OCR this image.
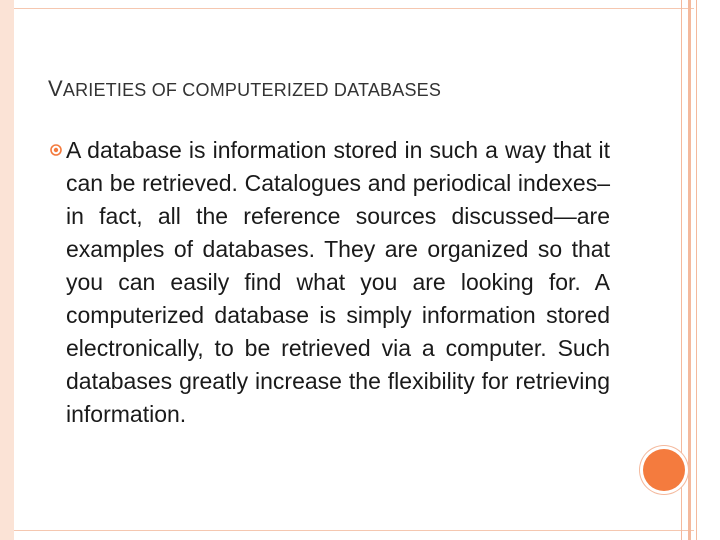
VARIETIES OF COMPUTERIZED DATABASES

A database is information stored in such a way that it can be retrieved. Catalogues and periodical indexes– in fact, all the reference sources discussed—are examples of databases. They are organized so that you can easily find what you are looking for. A computerized database is simply information stored electronically, to be retrieved via a computer. Such databases greatly increase the flexibility for retrieving information.
